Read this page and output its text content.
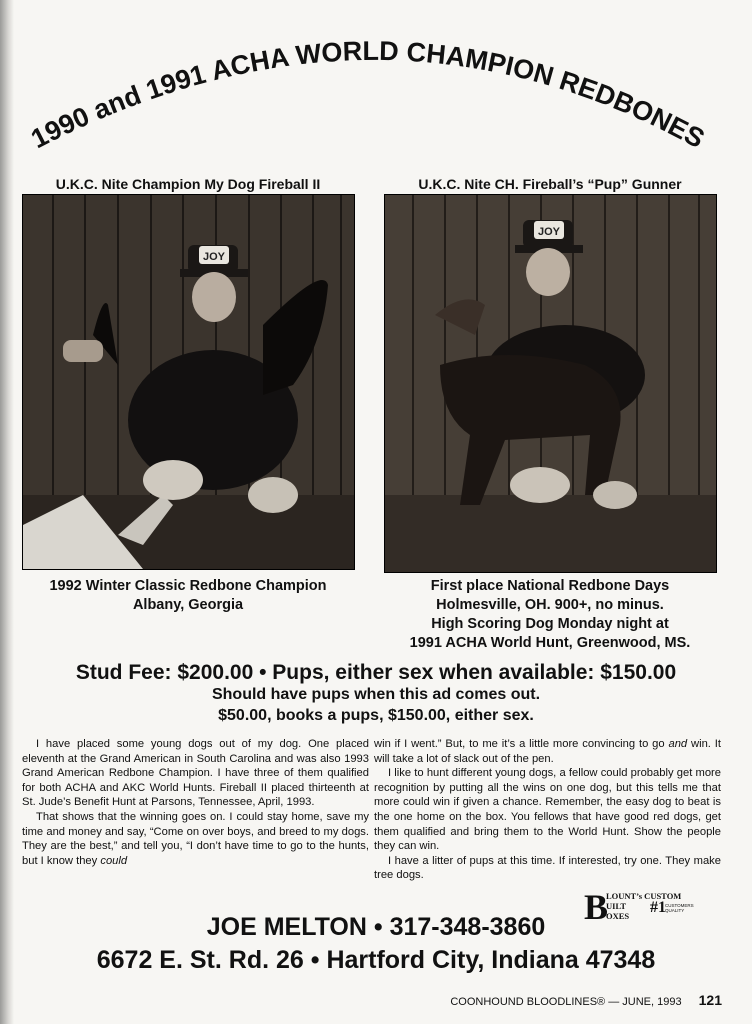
1990 and 1991 ACHA WORLD CHAMPION REDBONES
U.K.C. Nite Champion My Dog Fireball II	U.K.C. Nite CH. Fireball’s “Pup” Gunner
JOY
JOY
1992 Winter Classic Redbone Champion
Albany, Georgia
First place National Redbone Days
Holmesville, OH. 900+, no minus.
High Scoring Dog Monday night at
1991 ACHA World Hunt, Greenwood, MS.
Stud Fee: $200.00 • Pups, either sex when available: $150.00
Should have pups when this ad comes out.
$50.00, books a pups, $150.00, either sex.

I have placed some young dogs out of my dog. One placed eleventh at the Grand American in South Carolina and was also 1993 Grand American Redbone Champion. I have three of them qualified for both ACHA and AKC World Hunts. Fireball II placed thirteenth at St. Jude’s Benefit Hunt at Parsons, Tennessee, April, 1993.

That shows that the winning goes on. I could stay home, save my time and money and say, “Come on over boys, and breed to my dogs. They are the best,” and tell you, “I don’t have time to go to the hunts, but I know they could

win if I went.” But, to me it’s a little more convincing to go and win. It will take a lot of slack out of the pen.

I like to hunt different young dogs, a fellow could probably get more recognition by putting all the wins on one dog, but this tells me that more could win if given a chance. Remember, the easy dog to beat is the one home on the box. You fellows that have good red dogs, get them qualified and bring them to the World Hunt. Show the people they can win.

I have a litter of pups at this time. If interested, try one. They make tree dogs.

B
LOUNT’s CUSTOM
UILT
OXES #1 CUSTOMERS
QUALITY
JOE MELTON • 317-348-3860
6672 E. St. Rd. 26 • Hartford City, Indiana 47348
COONHOUND BLOODLINES® — JUNE, 1993 121
